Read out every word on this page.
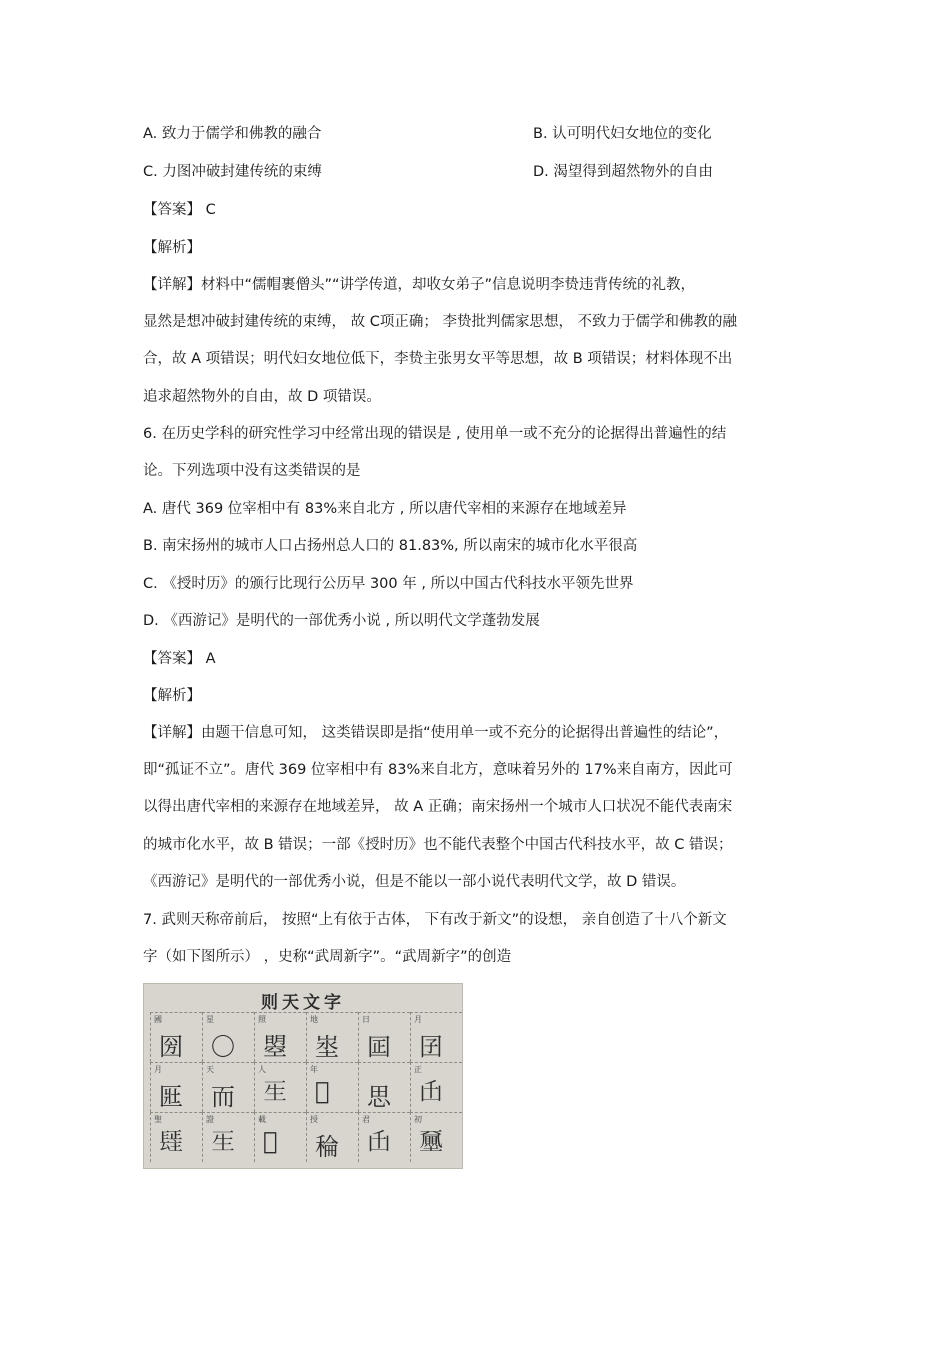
A. 致力于儒学和佛教的融合	B. 认可明代妇女地位的变化
C. 力图冲破封建传统的束缚	D. 渴望得到超然物外的自由
【答案】 C
【解析】
【详解】材料中“儒帽裹僧头”“讲学传道，却收女弟子”信息说明李贽违背传统的礼教，
显然是想冲破封建传统的束缚， 故 C项正确； 李贽批判儒家思想， 不致力于儒学和佛教的融
合，故 A 项错误；明代妇女地位低下，李贽主张男女平等思想，故 B 项错误；材料体现不出
追求超然物外的自由，故 D 项错误。
6. 在历史学科的研究性学习中经常出现的错误是 , 使用单一或不充分的论据得出普遍性的结
论。下列选项中没有这类错误的是
A. 唐代 369 位宰相中有 83%来自北方 , 所以唐代宰相的来源存在地域差异
B. 南宋扬州的城市人口占扬州总人口的 81.83%, 所以南宋的城市化水平很高
C. 《授时历》的颁行比现行公历早 300 年 , 所以中国古代科技水平领先世界
D. 《西游记》是明代的一部优秀小说 , 所以明代文学蓬勃发展
【答案】 A
【解析】
【详解】由题干信息可知， 这类错误即是指“使用单一或不充分的论据得出普遍性的结论”，
即“孤证不立”。唐代 369 位宰相中有 83%来自北方，意味着另外的 17%来自南方，因此可
以得出唐代宰相的来源存在地域差异， 故 A 正确；南宋扬州一个城市人口状况不能代表南宋
的城市化水平，故 B 错误；一部《授时历》也不能代表整个中国古代科技水平，故 C 错误；
《西游记》是明代的一部优秀小说，但是不能以一部小说代表明代文学，故 D 错误。
7. 武则天称帝前后， 按照“上有依于古体， 下有改于新文”的设想， 亲自创造了十八个新文
字（如下图所示） ，史称“武周新字”。“武周新字”的创造
则天文字
國
圀
星
〇
照
曌
地
埊
日
囸
月
囝
月
匨
天
而
人
𤯔
年
𠡦 思
正
𠙺
聖
𨲢
證
𤯔
載
𠻆
授
稐
君
𠙺
初
𡔈
